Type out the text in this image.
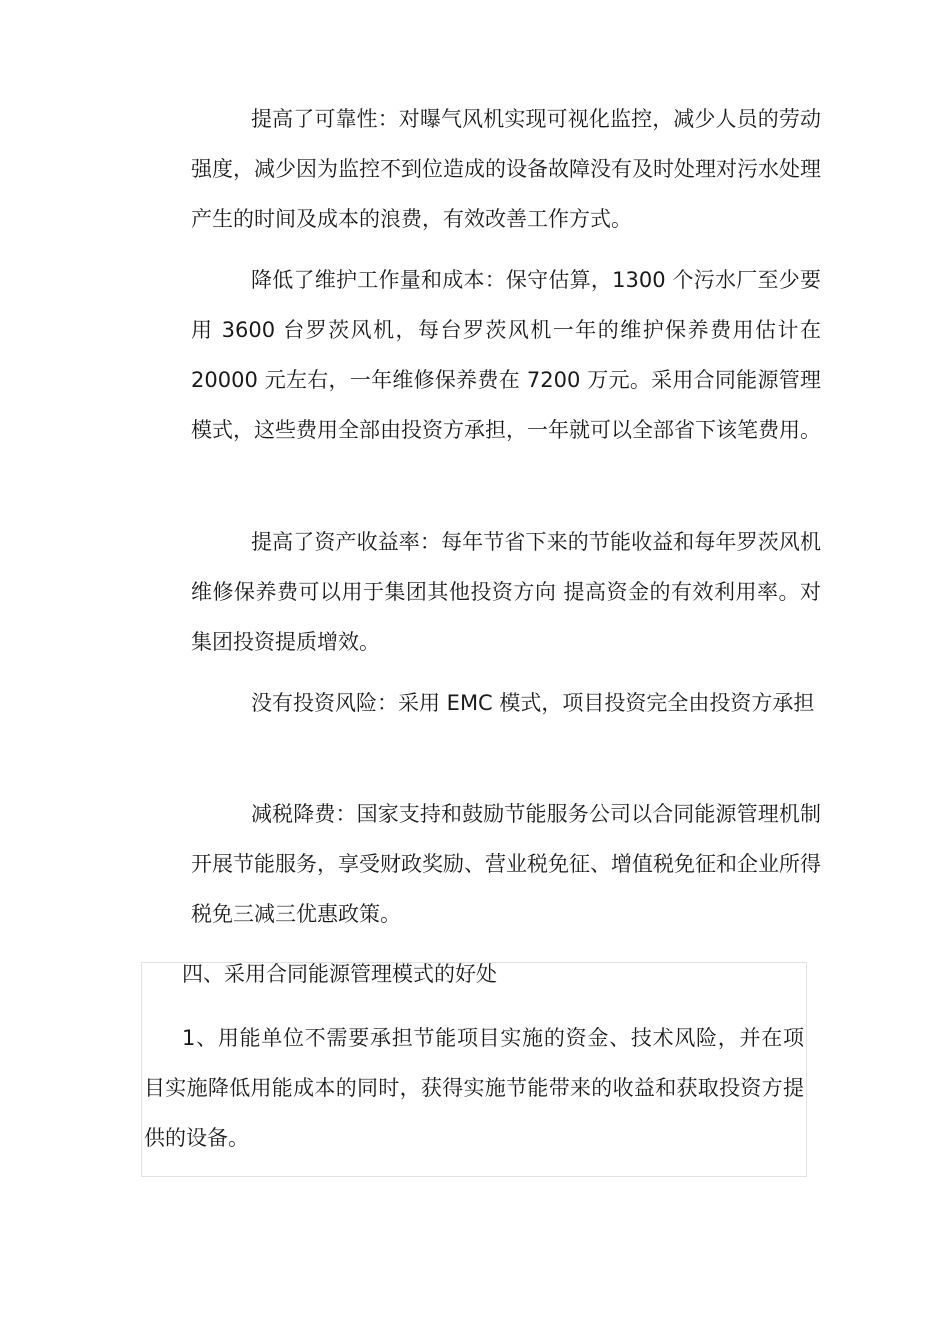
提高了可靠性：对曝气风机实现可视化监控，减少人员的劳动强度，减少因为监控不到位造成的设备故障没有及时处理对污水处理产生的时间及成本的浪费，有效改善工作方式。

降低了维护工作量和成本：保守估算，1300 个污水厂至少要用 3600 台罗茨风机，每台罗茨风机一年的维护保养费用估计在 20000 元左右，一年维修保养费在 7200 万元。采用合同能源管理模式，这些费用全部由投资方承担，一年就可以全部省下该笔费用。

提高了资产收益率：每年节省下来的节能收益和每年罗茨风机维修保养费可以用于集团其他投资方向 提高资金的有效利用率。对集团投资提质增效。

没有投资风险：采用 EMC 模式，项目投资完全由投资方承担

减税降费：国家支持和鼓励节能服务公司以合同能源管理机制开展节能服务，享受财政奖励、营业税免征、增值税免征和企业所得税免三减三优惠政策。

四、采用合同能源管理模式的好处

1、用能单位不需要承担节能项目实施的资金、技术风险，并在项目实施降低用能成本的同时，获得实施节能带来的收益和获取投资方提供的设备。
